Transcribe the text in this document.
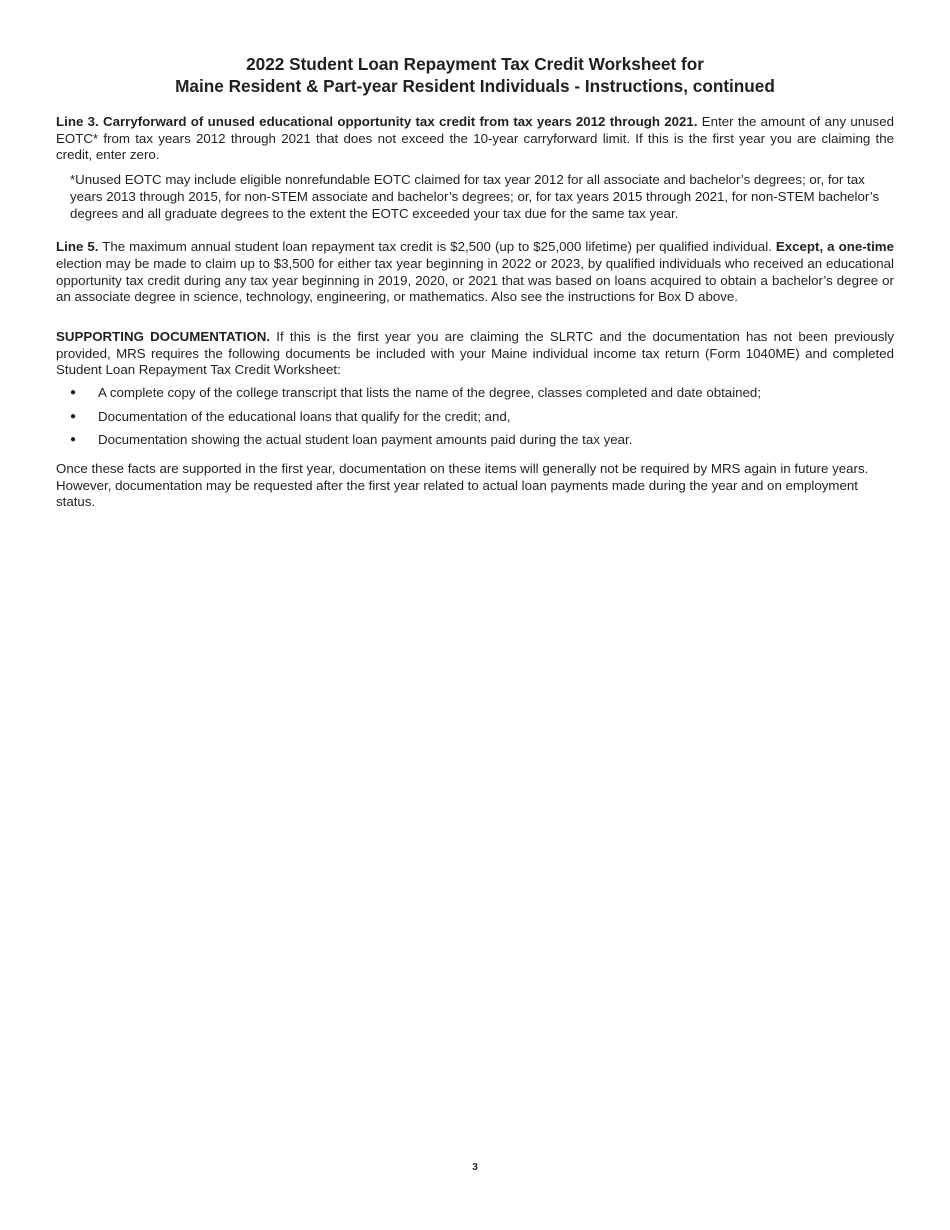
2022 Student Loan Repayment Tax Credit Worksheet for
Maine Resident & Part-year Resident Individuals - Instructions, continued

Line 3. Carryforward of unused educational opportunity tax credit from tax years 2012 through 2021. Enter the amount of any unused EOTC* from tax years 2012 through 2021 that does not exceed the 10-year carryforward limit. If this is the first year you are claiming the credit, enter zero.

*Unused EOTC may include eligible nonrefundable EOTC claimed for tax year 2012 for all associate and bachelor’s degrees; or, for tax years 2013 through 2015, for non-STEM associate and bachelor’s degrees; or, for tax years 2015 through 2021, for non-STEM bachelor’s degrees and all graduate degrees to the extent the EOTC exceeded your tax due for the same tax year.

Line 5. The maximum annual student loan repayment tax credit is $2,500 (up to $25,000 lifetime) per qualified individual. Except, a one-time election may be made to claim up to $3,500 for either tax year beginning in 2022 or 2023, by qualified individuals who received an educational opportunity tax credit during any tax year beginning in 2019, 2020, or 2021 that was based on loans acquired to obtain a bachelor’s degree or an associate degree in science, technology, engineering, or mathematics. Also see the instructions for Box D above.

SUPPORTING DOCUMENTATION. If this is the first year you are claiming the SLRTC and the documentation has not been previously provided, MRS requires the following documents be included with your Maine individual income tax return (Form 1040ME) and completed Student Loan Repayment Tax Credit Worksheet:

● A complete copy of the college transcript that lists the name of the degree, classes completed and date obtained;
● Documentation of the educational loans that qualify for the credit; and,
● Documentation showing the actual student loan payment amounts paid during the tax year.

Once these facts are supported in the first year, documentation on these items will generally not be required by MRS again in future years. However, documentation may be requested after the first year related to actual loan payments made during the year and on employment status.

3
